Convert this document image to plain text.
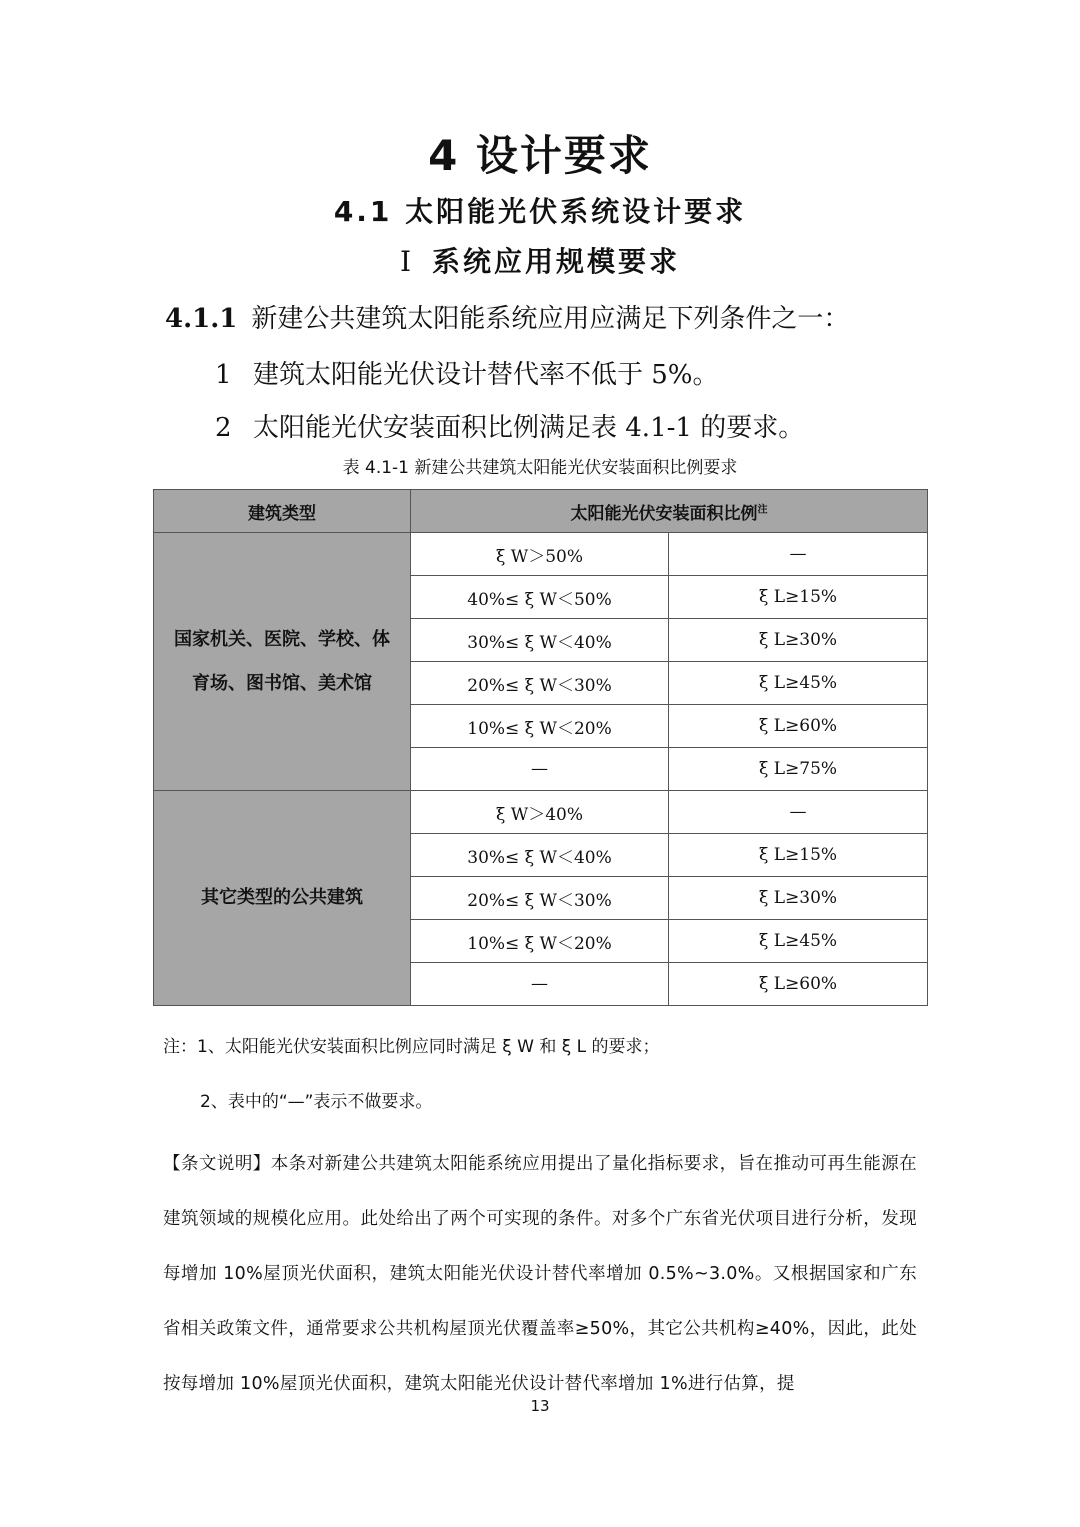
4 设计要求
4.1 太阳能光伏系统设计要求
Ⅰ 系统应用规模要求
4.1.1 新建公共建筑太阳能系统应用应满足下列条件之一：
1 建筑太阳能光伏设计替代率不低于 5%。
2 太阳能光伏安装面积比例满足表 4.1-1 的要求。
表 4.1-1 新建公共建筑太阳能光伏安装面积比例要求
建筑类型	太阳能光伏安装面积比例$^注$
国家机关、医院、学校、体育场、图书馆、美术馆	ξ W＞50%	—
	40%≤ ξ W＜50%	ξ L≥15%
	30%≤ ξ W＜40%	ξ L≥30%
	20%≤ ξ W＜30%	ξ L≥45%
	10%≤ ξ W＜20%	ξ L≥60%
	—	ξ L≥75%
其它类型的公共建筑	ξ W＞40%	—
	30%≤ ξ W＜40%	ξ L≥15%
	20%≤ ξ W＜30%	ξ L≥30%
	10%≤ ξ W＜20%	ξ L≥45%
	—	ξ L≥60%
注：1、太阳能光伏安装面积比例应同时满足 ξ W 和 ξ L 的要求；
2、表中的“—”表示不做要求。
【条文说明】本条对新建公共建筑太阳能系统应用提出了量化指标要求，旨在推动可再生能源在建筑领域的规模化应用。此处给出了两个可实现的条件。对多个广东省光伏项目进行分析，发现每增加 10%屋顶光伏面积，建筑太阳能光伏设计替代率增加 0.5%~3.0%。又根据国家和广东省相关政策文件，通常要求公共机构屋顶光伏覆盖率≥50%，其它公共机构≥40%，因此，此处按每增加 10%屋顶光伏面积，建筑太阳能光伏设计替代率增加 1%进行估算，提
13
